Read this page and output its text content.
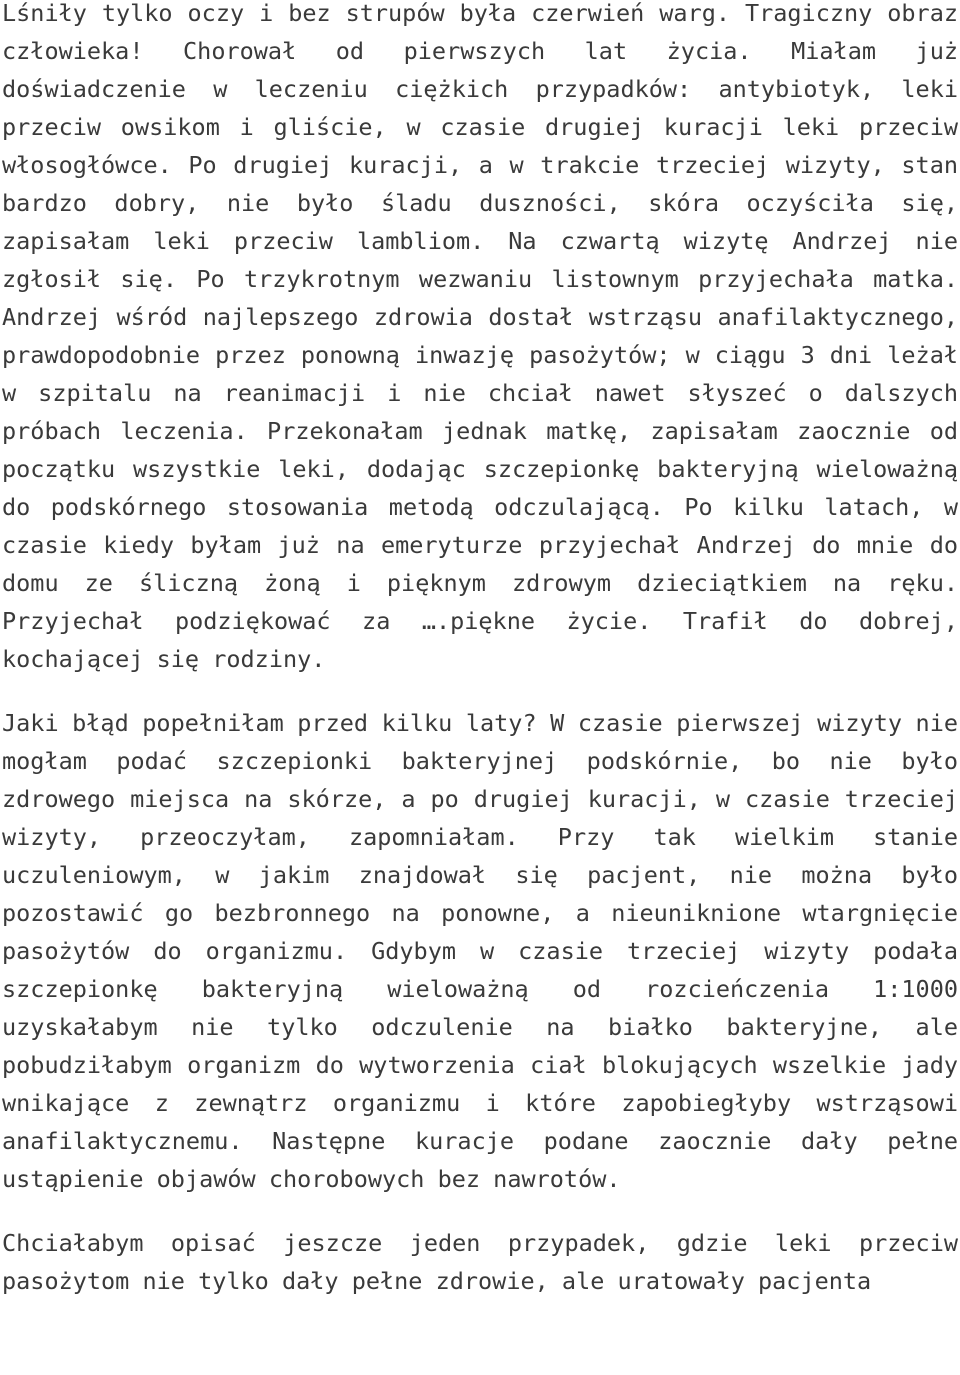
Lśniły tylko oczy i bez strupów była czerwień warg. Tragiczny obraz człowieka! Chorował od pierwszych lat życia. Miałam już doświadczenie w leczeniu ciężkich przypadków: antybiotyk, leki przeciw owsikom i gliście, w czasie drugiej kuracji leki przeciw włosogłówce. Po drugiej kuracji, a w trakcie trzeciej wizyty, stan bardzo dobry, nie było śladu duszności, skóra oczyściła się, zapisałam leki przeciw lambliom. Na czwartą wizytę Andrzej nie zgłosił się. Po trzykrotnym wezwaniu listownym przyjechała matka. Andrzej wśród najlepszego zdrowia dostał wstrząsu anafilaktycznego, prawdopodobnie przez ponowną inwazję pasożytów; w ciągu 3 dni leżał w szpitalu na reanimacji i nie chciał nawet słyszeć o dalszych próbach leczenia. Przekonałam jednak matkę, zapisałam zaocznie od początku wszystkie leki, dodając szczepionkę bakteryjną wieloważną do podskórnego stosowania metodą odczulającą. Po kilku latach, w czasie kiedy byłam już na emeryturze przyjechał Andrzej do mnie do domu ze śliczną żoną i pięknym zdrowym dzieciątkiem na ręku. Przyjechał podziękować za ….piękne życie. Trafił do dobrej, kochającej się rodziny.

Jaki błąd popełniłam przed kilku laty? W czasie pierwszej wizyty nie mogłam podać szczepionki bakteryjnej podskórnie, bo nie było zdrowego miejsca na skórze, a po drugiej kuracji, w czasie trzeciej wizyty, przeoczyłam, zapomniałam. Przy tak wielkim stanie uczuleniowym, w jakim znajdował się pacjent, nie można było pozostawić go bezbronnego na ponowne, a nieuniknione wtargnięcie pasożytów do organizmu. Gdybym w czasie trzeciej wizyty podała szczepionkę bakteryjną wieloważną od rozcieńczenia 1:1000 uzyskałabym nie tylko odczulenie na białko bakteryjne, ale pobudziłabym organizm do wytworzenia ciał blokujących wszelkie jady wnikające z zewnątrz organizmu i które zapobiegłyby wstrząsowi anafilaktycznemu. Następne kuracje podane zaocznie dały pełne ustąpienie objawów chorobowych bez nawrotów.

Chciałabym opisać jeszcze jeden przypadek, gdzie leki przeciw pasożytom nie tylko dały pełne zdrowie, ale uratowały pacjenta
